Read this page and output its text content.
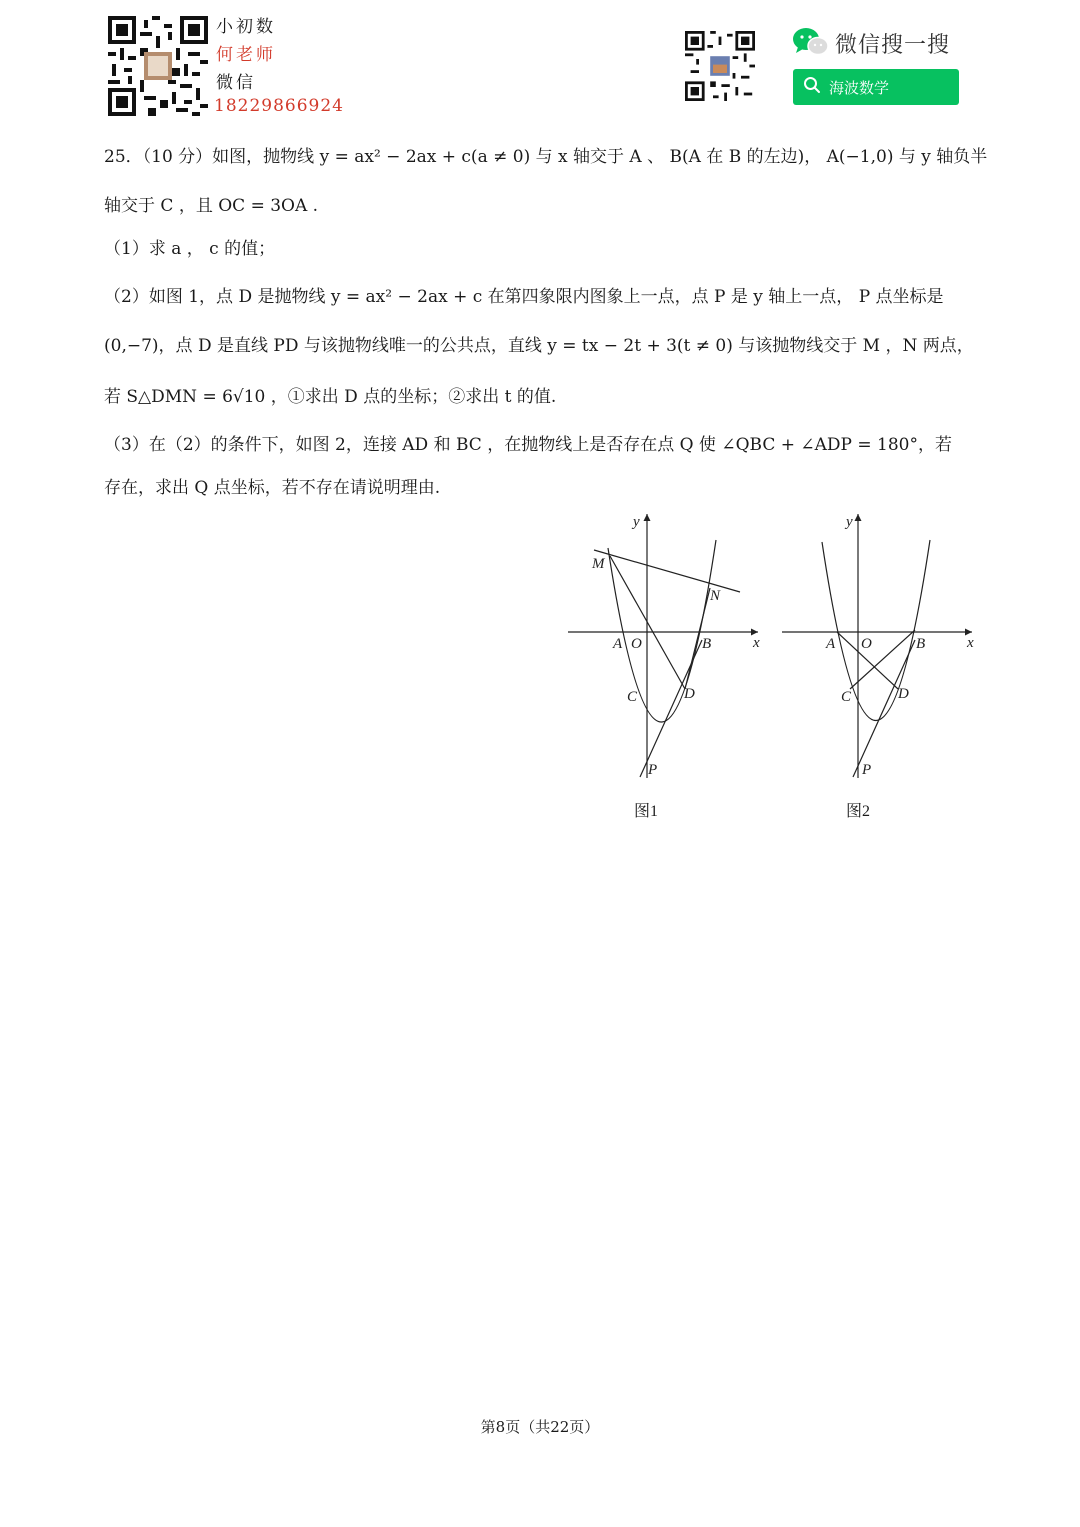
小初数
何老师
微信
18229866924
微信搜一搜
海波数学
25．（10 分）如图，抛物线 y = ax² − 2ax + c(a ≠ 0) 与 x 轴交于 A 、 B(A 在 B 的左边)， A(−1,0) 与 y 轴负半
轴交于 C ，且 OC = 3OA .
（1）求 a ， c 的值；
（2）如图 1，点 D 是抛物线 y = ax² − 2ax + c 在第四象限内图象上一点，点 P 是 y 轴上一点， P 点坐标是
(0,−7)，点 D 是直线 PD 与该抛物线唯一的公共点，直线 y = tx − 2t + 3(t ≠ 0) 与该抛物线交于 M ，N 两点，
若 S△DMN = 6√10 ，①求出 D 点的坐标；②求出 t 的值.
（3）在（2）的条件下，如图 2，连接 AD 和 BC ，在抛物线上是否存在点 Q 使 ∠QBC + ∠ADP = 180°，若
存在，求出 Q 点坐标，若不存在请说明理由.
y
x
M
N
A O	B
C	D
P
y
x
A O	B
C	D
P
图1	图2
第8页（共22页）
